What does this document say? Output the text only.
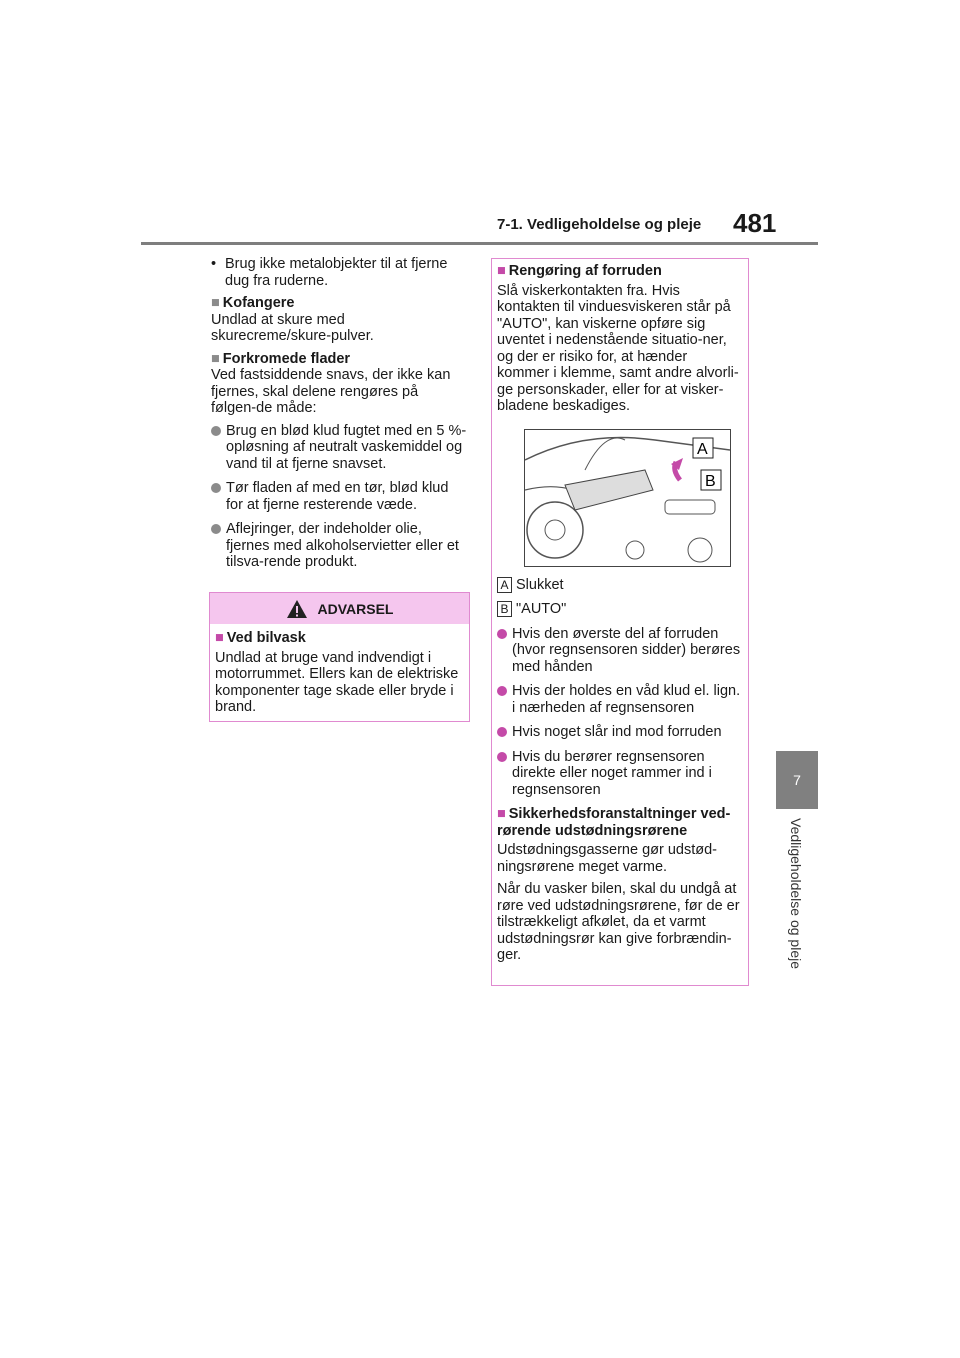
7-1. Vedligeholdelse og pleje 481
7
Vedligeholdelse og pleje
• Brug ikke metalobjekter til at fjerne dug fra ruderne.

■ Kofangere

Undlad at skure med skurecreme/skure-pulver.

■ Forkromede flader

Ved fastsiddende snavs, der ikke kan fjernes, skal delene rengøres på følgen-de måde:

Brug en blød klud fugtet med en 5 %-opløsning af neutralt vaskemiddel og vand til at fjerne snavset.
Tør fladen af med en tør, blød klud for at fjerne resterende væde.
Aflejringer, der indeholder olie, fjernes med alkoholservietter eller et tilsva-rende produkt.
ADVARSEL

■ Ved bilvask

Undlad at bruge vand indvendigt i motorrummet. Ellers kan de elektriske komponenter tage skade eller bryde i brand.

■ Rengøring af forruden

Slå viskerkontakten fra. Hvis kontakten til vinduesviskeren står på "AUTO", kan viskerne opføre sig uventet i nedenstående situatio-ner, og der er risiko for, at hænder kommer i klemme, samt andre alvorli-ge personskader, eller for at visker-bladene beskadiges.

A
B

A Slukket

B "AUTO"

Hvis den øverste del af forruden (hvor regnsensoren sidder) berøres med hånden
Hvis der holdes en våd klud el. lign. i nærheden af regnsensoren
Hvis noget slår ind mod forruden
Hvis du berører regnsensoren direkte eller noget rammer ind i regnsensoren

■ Sikkerhedsforanstaltninger ved-rørende udstødningsrørene

Udstødningsgasserne gør udstød-ningsrørene meget varme.

Når du vasker bilen, skal du undgå at røre ved udstødningsrørene, før de er tilstrækkeligt afkølet, da et varmt udstødningsrør kan give forbrændin-ger.
